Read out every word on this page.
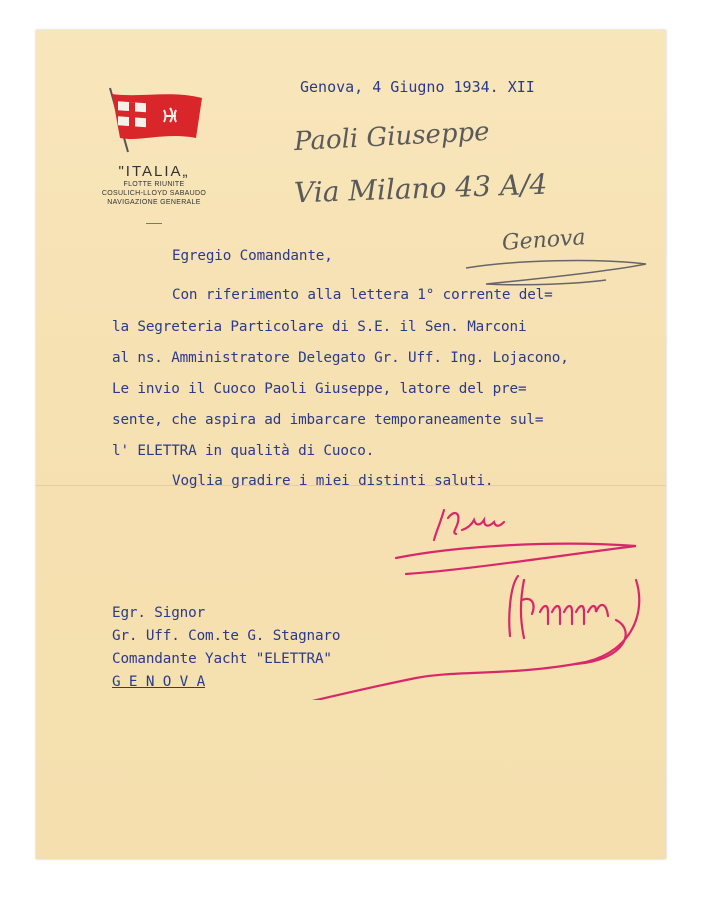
"ITALIA„
FLOTTE RIUNITE
COSULICH-LLOYD SABAUDO
NAVIGAZIONE GENERALE
Genova, 4 Giugno 1934. XII
Paoli Giuseppe
Via Milano 43 A/4
Genova
Egregio Comandante,
Con riferimento alla lettera 1° corrente del=
la Segreteria Particolare di S.E. il Sen. Marconi
al ns. Amministratore Delegato Gr. Uff. Ing. Lojacono,
Le invio il Cuoco Paoli Giuseppe, latore del pre=
sente, che aspira ad imbarcare temporaneamente sul=
l' ELETTRA in qualità di Cuoco.
Voglia gradire i miei distinti saluti.
Egr. Signor
Gr. Uff. Com.te G. Stagnaro
Comandante Yacht "ELETTRA"
G E N O V A
